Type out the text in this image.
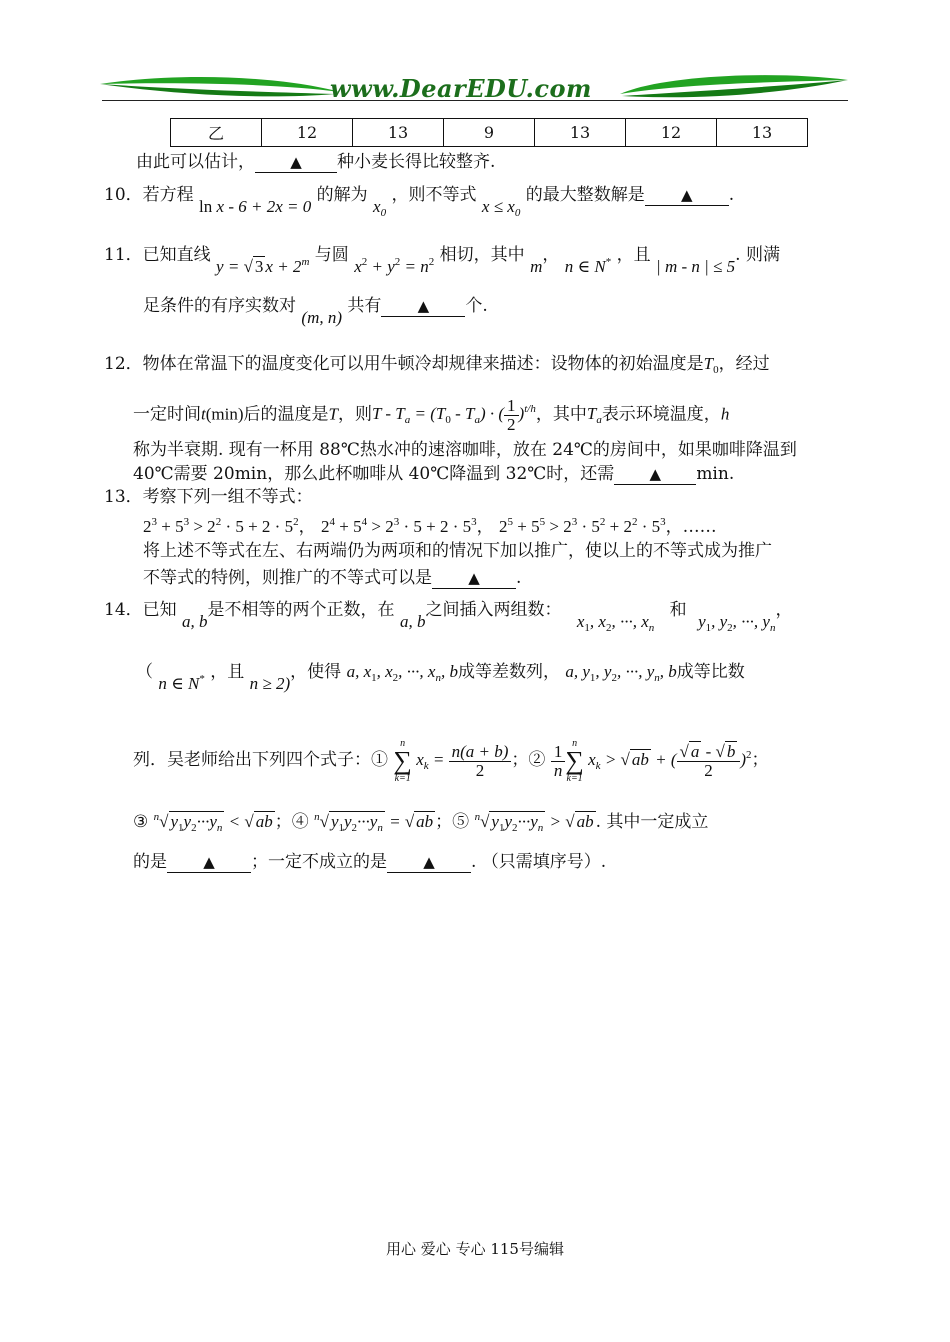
www.DearEDU.com
乙	12	13	9	13	12	13
由此可以估计， ▲ 种小麦长得比较整齐.
10．若方程 ln x - 6 + 2x = 0 的解为 $x_0$ ，则不等式 $x \le x_0$ 的最大整数解是 ▲ .
11．已知直线 y = √ 3 $x + 2^m$ 与圆 $x^2 + y^2 = n^2$ 相切，其中 m， n ∈ N* ，且 | m - n | ≤ 5. 则满
足条件的有序实数对 (m, n) 共有 ▲ 个.
12．物体在常温下的温度变化可以用牛顿冷却规律来描述：设物体的初始温度是$T_0$，经过
一定时间t(min)后的温度是T，则$T - T_a = (T_0 - T_a)$ · ( $\frac{1}{2} )^{t/h}$，其中$T_a$表示环境温度，h
称为半衰期. 现有一杯用 88℃热水冲的速溶咖啡，放在 24℃的房间中，如果咖啡降温到
40℃需要 20min，那么此杯咖啡从 40℃降温到 32℃时，还需 ▲ min.
13．考察下列一组不等式：
$2^3 + 5^3 > 2^2 \cdot 5 + 2 \cdot 5^2$， $2^4 + 5^4 > 2^3 \cdot 5 + 2 \cdot 5^3$， $2^5 + 5^5 > 2^3 \cdot 5^2 + 2^2 \cdot 5^3$，……
将上述不等式在左、右两端仍为两项和的情况下加以推广，使以上的不等式成为推广
不等式的特例，则推广的不等式可以是 ▲ .
14．已知 a, b是不相等的两个正数，在 a, b之间插入两组数： $x_1$, $x_2$, ···, $x_n$ 和 $y_1$, $y_2$, ···, $y_n$，
（ n ∈ N* ，且 n ≥ 2)，使得 a, $x_1$, $x_2$, ···, $x_n$, b成等差数列， a, $y_1$, $y_2$, ···, $y_n$, b成等比数
列．吴老师给出下列四个式子：①
n
∑
k=1
$x_k = \frac{n(a + b)}{2}$ ；② $\frac{1}{n}$ n
∑
k=1
$x_k$ > √ ab + ( $\frac{√ a - √ b}{2} )^2$；
③ $^n$√ $y_1y_2\cdot\cdot\cdot y_n$ < √ ab ；④ $^n$√ $y_1y_2\cdot\cdot\cdot y_n$ = √ ab ；⑤ $^n$√ $y_1y_2\cdot\cdot\cdot y_n$ > √ ab . 其中一定成立
的是 ▲ ；一定不成立的是 ▲ . （只需填序号）.
用心 爱心 专心 115号编辑
